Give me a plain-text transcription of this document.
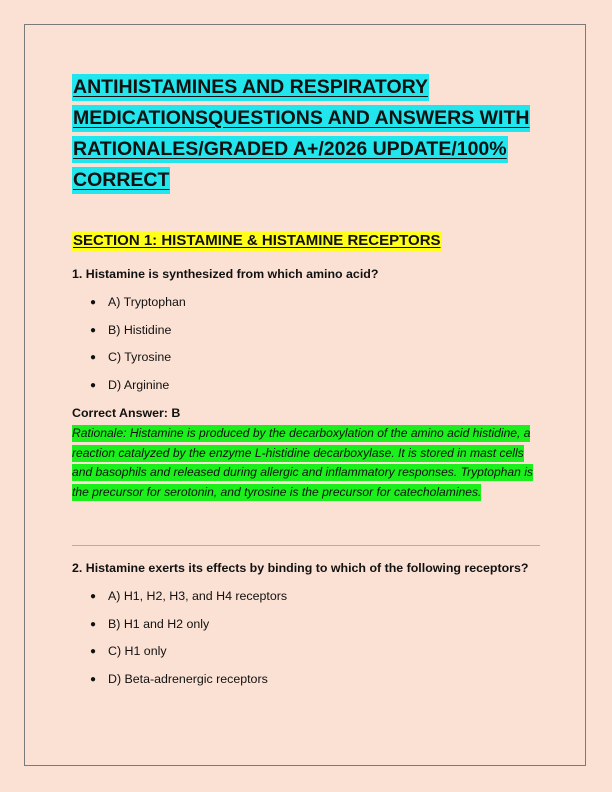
ANTIHISTAMINES AND RESPIRATORY MEDICATIONSQUESTIONS AND ANSWERS WITH RATIONALES/GRADED A+/2026 UPDATE/100% CORRECT
SECTION 1: HISTAMINE & HISTAMINE RECEPTORS

1. Histamine is synthesized from which amino acid?

● A) Tryptophan
● B) Histidine
● C) Tyrosine
● D) Arginine

Correct Answer: B

Rationale: Histamine is produced by the decarboxylation of the amino acid histidine, a reaction catalyzed by the enzyme L-histidine decarboxylase. It is stored in mast cells and basophils and released during allergic and inflammatory responses. Tryptophan is the precursor for serotonin, and tyrosine is the precursor for catecholamines.

2. Histamine exerts its effects by binding to which of the following receptors?

● A) H1, H2, H3, and H4 receptors
● B) H1 and H2 only
● C) H1 only
● D) Beta-adrenergic receptors
